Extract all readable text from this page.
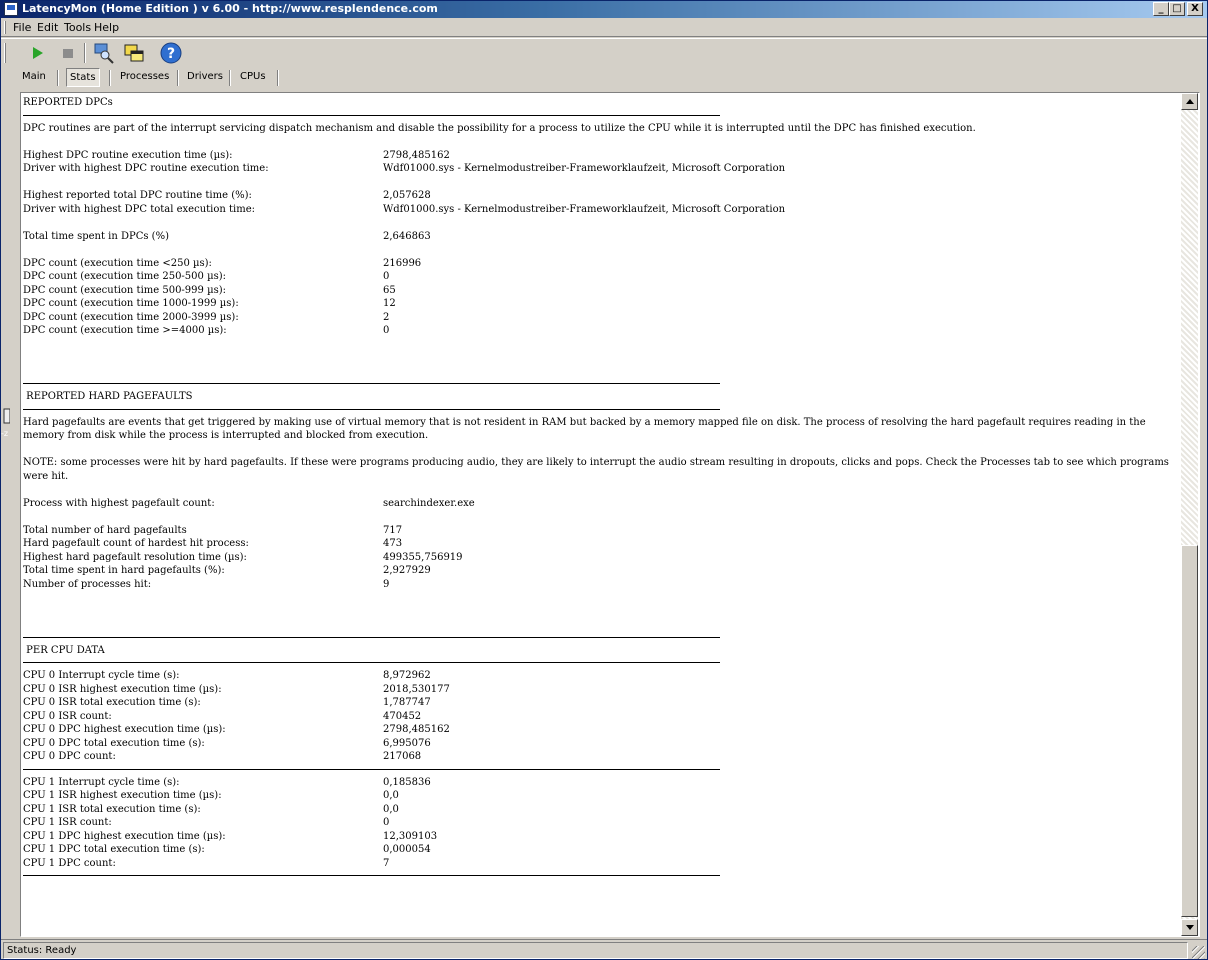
LatencyMon (Home Edition ) v 6.00 - http://www.resplendence.com	_ □ X
File Edit Tools Help
?
Main	Stats	Processes	Drivers	CPUs
-z
REPORTED DPCs
DPC routines are part of the interrupt servicing dispatch mechanism and disable the possibility for a process to utilize the CPU while it is interrupted until the DPC has finished execution.
Highest DPC routine execution time (µs):	2798,485162
Driver with highest DPC routine execution time:	Wdf01000.sys - Kernelmodustreiber-Frameworklaufzeit, Microsoft Corporation
Highest reported total DPC routine time (%):	2,057628
Driver with highest DPC total execution time:	Wdf01000.sys - Kernelmodustreiber-Frameworklaufzeit, Microsoft Corporation
Total time spent in DPCs (%)	2,646863
DPC count (execution time <250 µs):	216996
DPC count (execution time 250-500 µs):	0
DPC count (execution time 500-999 µs):	65
DPC count (execution time 1000-1999 µs):	12
DPC count (execution time 2000-3999 µs):	2
DPC count (execution time >=4000 µs):	0
REPORTED HARD PAGEFAULTS
Hard pagefaults are events that get triggered by making use of virtual memory that is not resident in RAM but backed by a memory mapped file on disk. The process of resolving the hard pagefault requires reading in the memory from disk while the process is interrupted and blocked from execution.
NOTE: some processes were hit by hard pagefaults. If these were programs producing audio, they are likely to interrupt the audio stream resulting in dropouts, clicks and pops. Check the Processes tab to see which programs were hit.
Process with highest pagefault count:	searchindexer.exe
Total number of hard pagefaults	717
Hard pagefault count of hardest hit process:	473
Highest hard pagefault resolution time (µs):	499355,756919
Total time spent in hard pagefaults (%):	2,927929
Number of processes hit:	9
PER CPU DATA
CPU 0 Interrupt cycle time (s):	8,972962
CPU 0 ISR highest execution time (µs):	2018,530177
CPU 0 ISR total execution time (s):	1,787747
CPU 0 ISR count:	470452
CPU 0 DPC highest execution time (µs):	2798,485162
CPU 0 DPC total execution time (s):	6,995076
CPU 0 DPC count:	217068
CPU 1 Interrupt cycle time (s):	0,185836
CPU 1 ISR highest execution time (µs):	0,0
CPU 1 ISR total execution time (s):	0,0
CPU 1 ISR count:	0
CPU 1 DPC highest execution time (µs):	12,309103
CPU 1 DPC total execution time (s):	0,000054
CPU 1 DPC count:	7
Status: Ready
